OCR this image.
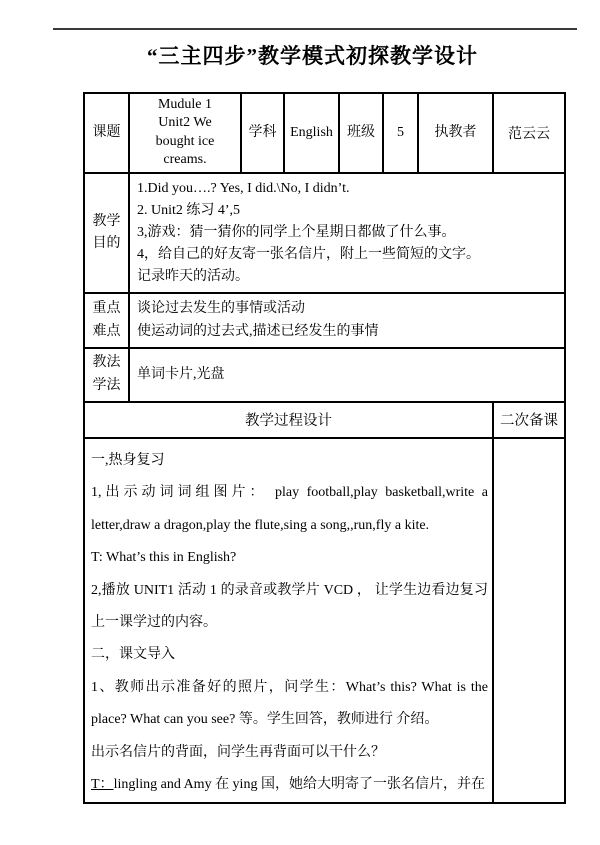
“三主四步”教学模式初探教学设计
课题	Mudule 1 Unit2 We bought ice creams.	学科	English	班级	5	执教者	范云云
教学目的	1.Did you….? Yes, I did.\No, I didn’t.

2. Unit2 练习 4’,5

3,游戏：猜一猜你的同学上个星期日都做了什么事。

4，给自己的好友寄一张名信片，附上一些简短的文字。

记录昨天的活动。						

重点难点	谈论过去发生的事情或活动

使运动词的过去式,描述已经发生的事情						

教法学法	单词卡片,光盘						
教学过程设计							二次备课

一,热身复习

1,出示动词词组图片： play football,play basketball,write a letter,draw a dragon,play the flute,sing a song,,run,fly a kite.

T: What’s this in English?

2,播放 UNIT1 活动 1 的录音或教学片 VCD ， 让学生边看边复习上一课学过的内容。

二，课文导入

1、教师出示准备好的照片，问学生：What’s this? What is the place? What can you see? 等。学生回答，教师进行 介绍。

出示名信片的背面，问学生再背面可以干什么？

T：lingling and Amy 在 ying 国，她给大明寄了一张名信片，并在
